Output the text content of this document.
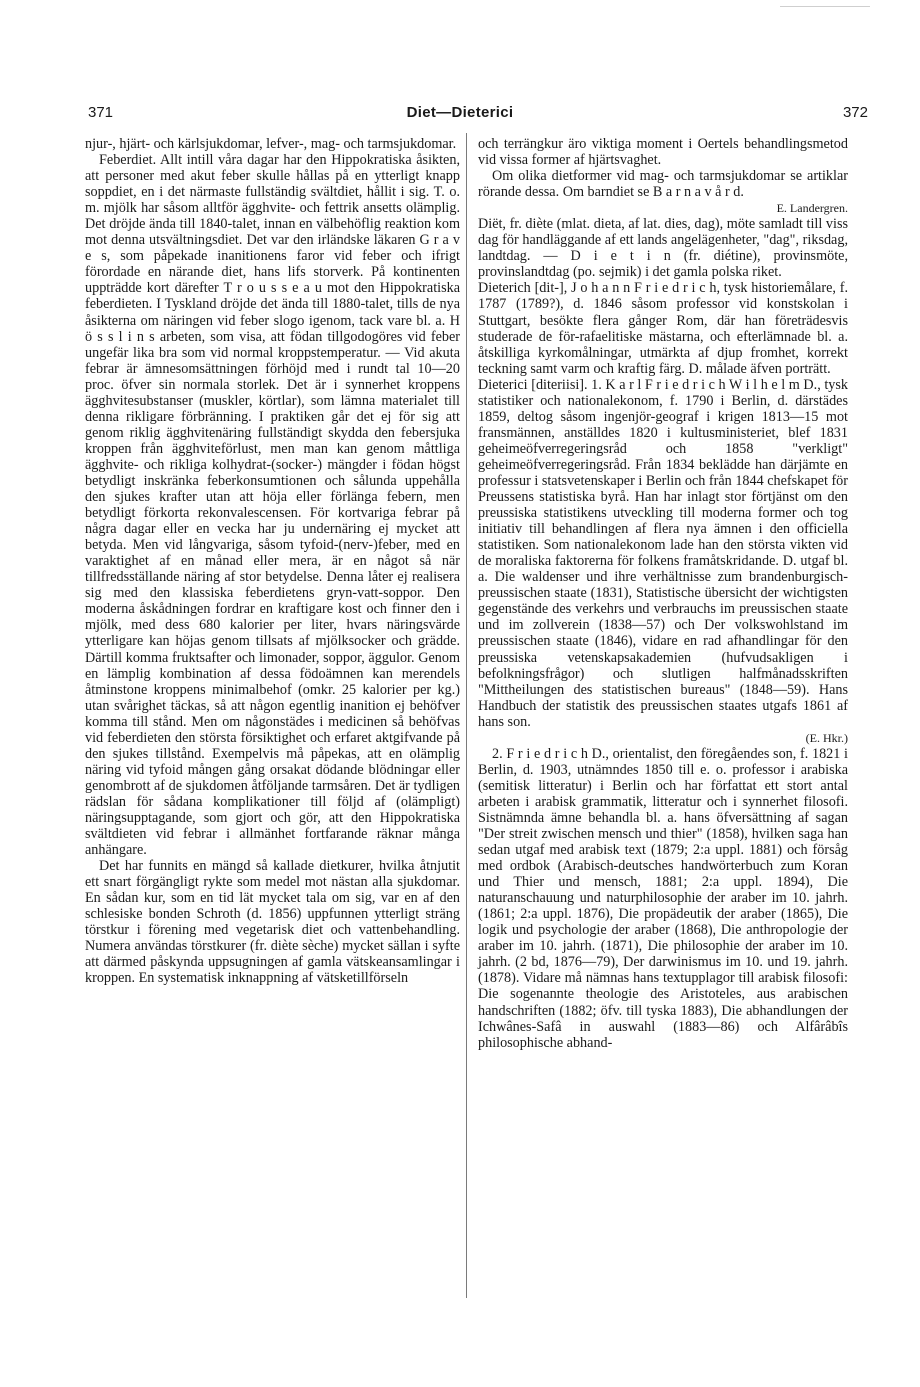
371	Diet—Dieterici	372

njur-, hjärt- och kärlsjukdomar, lefver-, mag- och tarmsjukdomar.

Feberdiet. Allt intill våra dagar har den Hippokratiska åsikten, att personer med akut feber skulle hållas på en ytterligt knapp soppdiet, en i det närmaste fullständig svältdiet, hållit i sig. T. o. m. mjölk har såsom alltför ägghvite- och fettrik ansetts olämplig. Det dröjde ända till 1840-talet, innan en välbehöflig reaktion kom mot denna utsvältningsdiet. Det var den irländske läkaren G r a v e s, som påpekade inanitionens faror vid feber och ifrigt förordade en närande diet, hans lifs storverk. På kontinenten uppträdde kort därefter T r o u s s e a u mot den Hippokratiska feberdieten. I Tyskland dröjde det ända till 1880-talet, tills de nya åsikterna om näringen vid feber slogo igenom, tack vare bl. a. H ö s s l i n s arbeten, som visa, att födan tillgodogöres vid feber ungefär lika bra som vid normal kroppstemperatur. — Vid akuta febrar är ämnesomsättningen förhöjd med i rundt tal 10—20 proc. öfver sin normala storlek. Det är i synnerhet kroppens ägghvitesubstanser (muskler, körtlar), som lämna materialet till denna rikligare förbränning. I praktiken går det ej för sig att genom riklig ägghvitenäring fullständigt skydda den febersjuka kroppen från ägghviteförlust, men man kan genom måttliga ägghvite- och rikliga kolhydrat-(socker-) mängder i födan högst betydligt inskränka feberkonsumtionen och sålunda uppehålla den sjukes krafter utan att höja eller förlänga febern, men betydligt förkorta rekonvalescensen. För kortvariga febrar på några dagar eller en vecka har ju undernäring ej mycket att betyda. Men vid långvariga, såsom tyfoid-(nerv-)feber, med en varaktighet af en månad eller mera, är en något så när tillfredsställande näring af stor betydelse. Denna låter ej realisera sig med den klassiska feberdietens gryn-vatt-soppor. Den moderna åskådningen fordrar en kraftigare kost och finner den i mjölk, med dess 680 kalorier per liter, hvars näringsvärde ytterligare kan höjas genom tillsats af mjölksocker och grädde. Därtill komma fruktsafter och limonader, soppor, äggulor. Genom en lämplig kombination af dessa födoämnen kan merendels åtminstone kroppens minimalbehof (omkr. 25 kalorier per kg.) utan svårighet täckas, så att någon egentlig inanition ej behöfver komma till stånd. Men om någonstädes i medicinen så behöfvas vid feberdieten den största försiktighet och erfaret aktgifvande på den sjukes tillstånd. Exempelvis må påpekas, att en olämplig näring vid tyfoid mången gång orsakat dödande blödningar eller genombrott af de sjukdomen åtföljande tarmsåren. Det är tydligen rädslan för sådana komplikationer till följd af (olämpligt) näringsupptagande, som gjort och gör, att den Hippokratiska svältdieten vid febrar i allmänhet fortfarande räknar många anhängare.

Det har funnits en mängd så kallade dietkurer, hvilka åtnjutit ett snart förgängligt rykte som medel mot nästan alla sjukdomar. En sådan kur, som en tid lät mycket tala om sig, var en af den schlesiske bonden Schroth (d. 1856) uppfunnen ytterligt sträng törstkur i förening med vegetarisk diet och vattenbehandling. Numera användas törstkurer (fr. diète sèche) mycket sällan i syfte att därmed påskynda uppsugningen af gamla vätskeansamlingar i kroppen. En systematisk inknappning af vätsketillförseln

och terrängkur äro viktiga moment i Oertels behandlingsmetod vid vissa former af hjärtsvaghet.

Om olika dietformer vid mag- och tarmsjukdomar se artiklar rörande dessa. Om barndiet se B a r n a v å r d.

E. Landergren.

Diët, fr. diète (mlat. dieta, af lat. dies, dag), möte samladt till viss dag för handläggande af ett lands angelägenheter, "dag", riksdag, landtdag. — D i e t i n (fr. diétine), provinsmöte, provinslandtdag (po. sejmik) i det gamla polska riket.

Dieterich [dit-], J o h a n n F r i e d r i c h, tysk historiemålare, f. 1787 (1789?), d. 1846 såsom professor vid konstskolan i Stuttgart, besökte flera gånger Rom, där han företrädesvis studerade de för-rafaelitiske mästarna, och efterlämnade bl. a. åtskilliga kyrkomålningar, utmärkta af djup fromhet, korrekt teckning samt varm och kraftig färg. D. målade äfven porträtt.

Dieterici [diteriisi]. 1. K a r l F r i e d r i c h W i l h e l m D., tysk statistiker och nationalekonom, f. 1790 i Berlin, d. därstädes 1859, deltog såsom ingenjör-geograf i krigen 1813—15 mot fransmännen, anställdes 1820 i kultusministeriet, blef 1831 geheimeöfverregeringsråd och 1858 "verkligt" geheimeöfverregeringsråd. Från 1834 beklädde han därjämte en professur i statsvetenskaper i Berlin och från 1844 chefskapet för Preussens statistiska byrå. Han har inlagt stor förtjänst om den preussiska statistikens utveckling till moderna former och tog initiativ till behandlingen af flera nya ämnen i den officiella statistiken. Som nationalekonom lade han den största vikten vid de moraliska faktorerna för folkens framåtskridande. D. utgaf bl. a. Die waldenser und ihre verhältnisse zum brandenburgisch-preussischen staate (1831), Statistische übersicht der wichtigsten gegenstände des verkehrs und verbrauchs im preussischen staate und im zollverein (1838—57) och Der volkswohlstand im preussischen staate (1846), vidare en rad afhandlingar för den preussiska vetenskapsakademien (hufvudsakligen i befolkningsfrågor) och slutligen halfmånadsskriften "Mittheilungen des statistischen bureaus" (1848—59). Hans Handbuch der statistik des preussischen staates utgafs 1861 af hans son.

(E. Hkr.)

2. F r i e d r i c h D., orientalist, den föregåendes son, f. 1821 i Berlin, d. 1903, utnämndes 1850 till e. o. professor i arabiska (semitisk litteratur) i Berlin och har författat ett stort antal arbeten i arabisk grammatik, litteratur och i synnerhet filosofi. Sistnämnda ämne behandla bl. a. hans öfversättning af sagan "Der streit zwischen mensch und thier" (1858), hvilken saga han sedan utgaf med arabisk text (1879; 2:a uppl. 1881) och försåg med ordbok (Arabisch-deutsches handwörterbuch zum Koran und Thier und mensch, 1881; 2:a uppl. 1894), Die naturanschauung und naturphilosophie der araber im 10. jahrh. (1861; 2:a uppl. 1876), Die propädeutik der araber (1865), Die logik und psychologie der araber (1868), Die anthropologie der araber im 10. jahrh. (1871), Die philosophie der araber im 10. jahrh. (2 bd, 1876—79), Der darwinismus im 10. und 19. jahrh. (1878). Vidare må nämnas hans textupplagor till arabisk filosofi: Die sogenannte theologie des Aristoteles, aus arabischen handschriften (1882; öfv. till tyska 1883), Die abhandlungen der Ichwânes-Safâ in auswahl (1883—86) och Alfârâbîs philosophische abhand-
